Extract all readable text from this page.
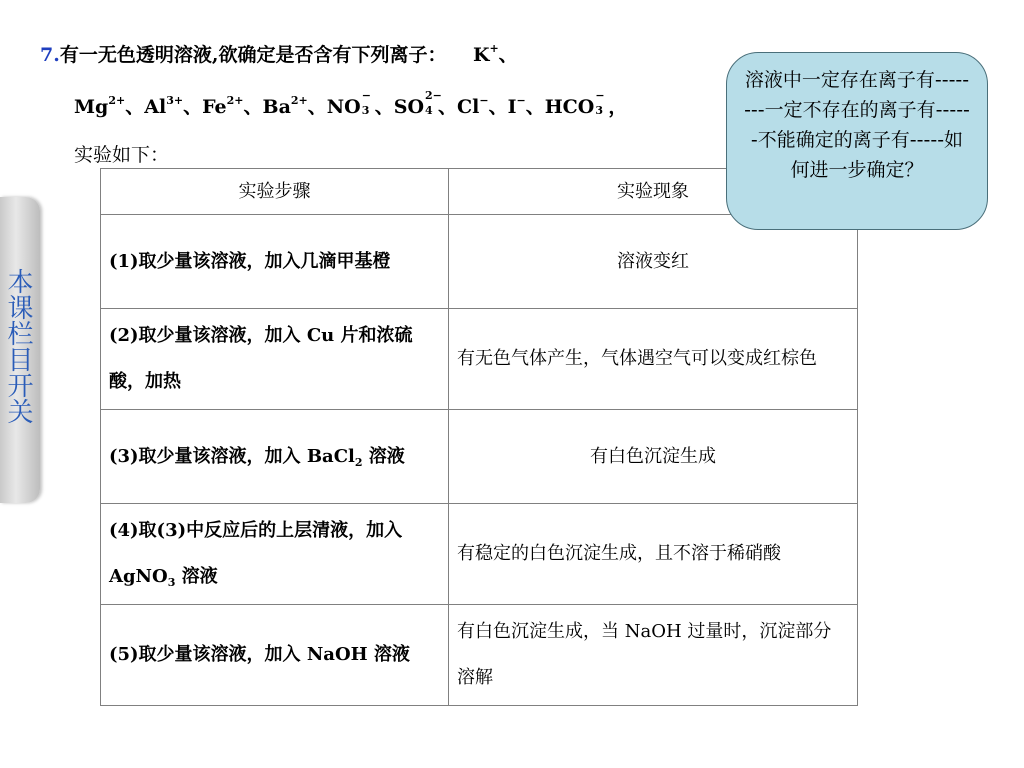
本课栏目开关
7.有一无色透明溶液,欲确定是否含有下列离子： K+、
$Mg^{2+}$、$Al^{3+}$、$Fe^{2+}$、$Ba^{2+}$、NO
−
3 、SO
2−
4 、Cl−、I−、HCO
−
3 ，
实验如下：
实验步骤	实验现象
(1)取少量该溶液，加入几滴甲基橙	溶液变红
(2)取少量该溶液，加入 Cu 片和浓硫酸，加热	有无色气体产生，气体遇空气可以变成红棕色
(3)取少量该溶液，加入 BaCl$_2$ 溶液	有白色沉淀生成
(4)取(3)中反应后的上层清液，加入 AgNO$_3$ 溶液	有稳定的白色沉淀生成，且不溶于稀硝酸
(5)取少量该溶液，加入 NaOH 溶液	有白色沉淀生成，当 NaOH 过量时，沉淀部分溶解
溶液中一定存在离子有--------一定不存在的离子有------不能确定的离子有-----如何进一步确定？
